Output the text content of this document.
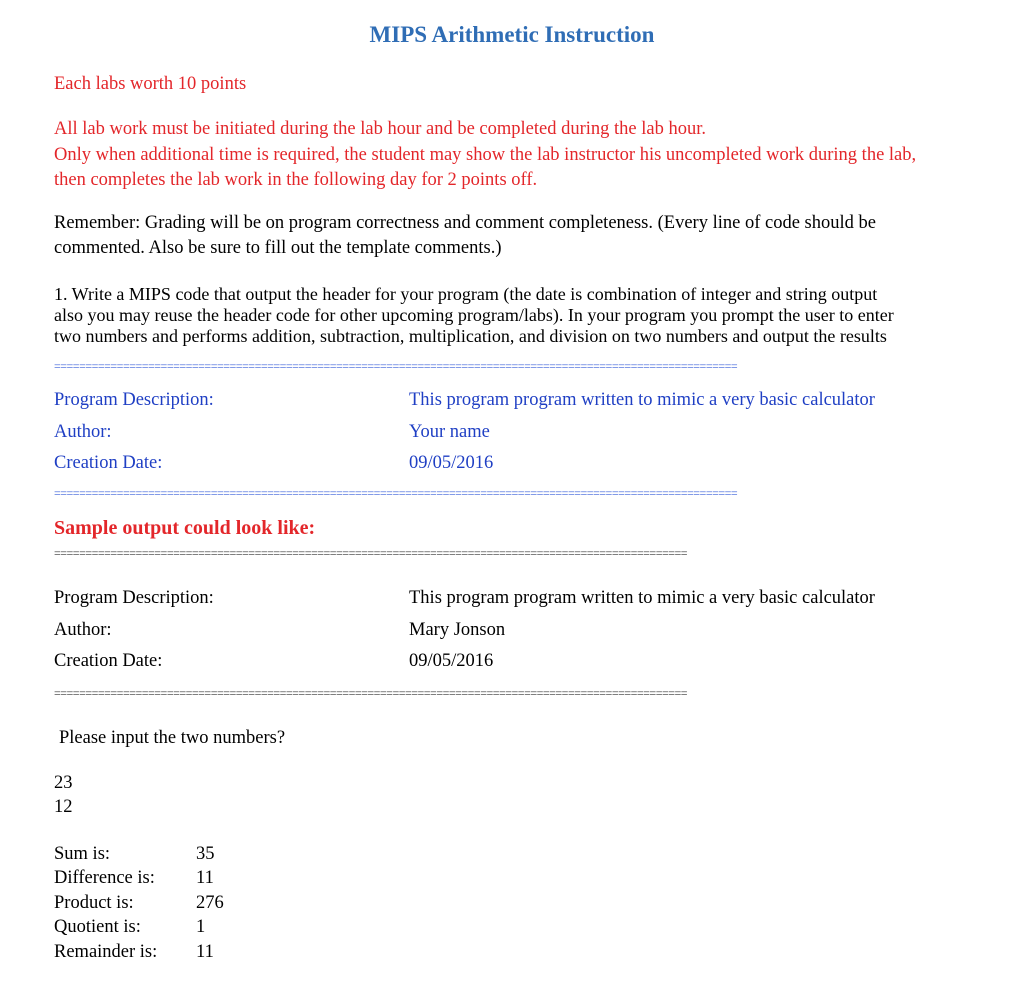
MIPS Arithmetic Instruction
Each labs worth 10 points
All lab work must be initiated during the lab hour and be completed during the lab hour.
Only when additional time is required, the student may show the lab instructor his uncompleted work during the lab,
then completes the lab work in the following day for 2 points off.
Remember: Grading will be on program correctness and comment completeness. (Every line of code should be
commented. Also be sure to fill out the template comments.)
1. Write a MIPS code that output the header for your program (the date is combination of integer and string output
also you may reuse the header code for other upcoming program/labs). In your program you prompt the user to enter
two numbers and performs addition, subtraction, multiplication, and division on two numbers and output the results
=============================================================================================================
Program Description:	This program program written to mimic a very basic calculator
Author:	Your name
Creation Date:	09/05/2016
=============================================================================================================
Sample output could look like:
=====================================================================================================
Program Description:	This program program written to mimic a very basic calculator
Author:	Mary Jonson
Creation Date:	09/05/2016
=====================================================================================================
Please input the two numbers?
23
12
Sum is:	35
Difference is: 11
Product is:	276
Quotient is:	1
Remainder is: 11
